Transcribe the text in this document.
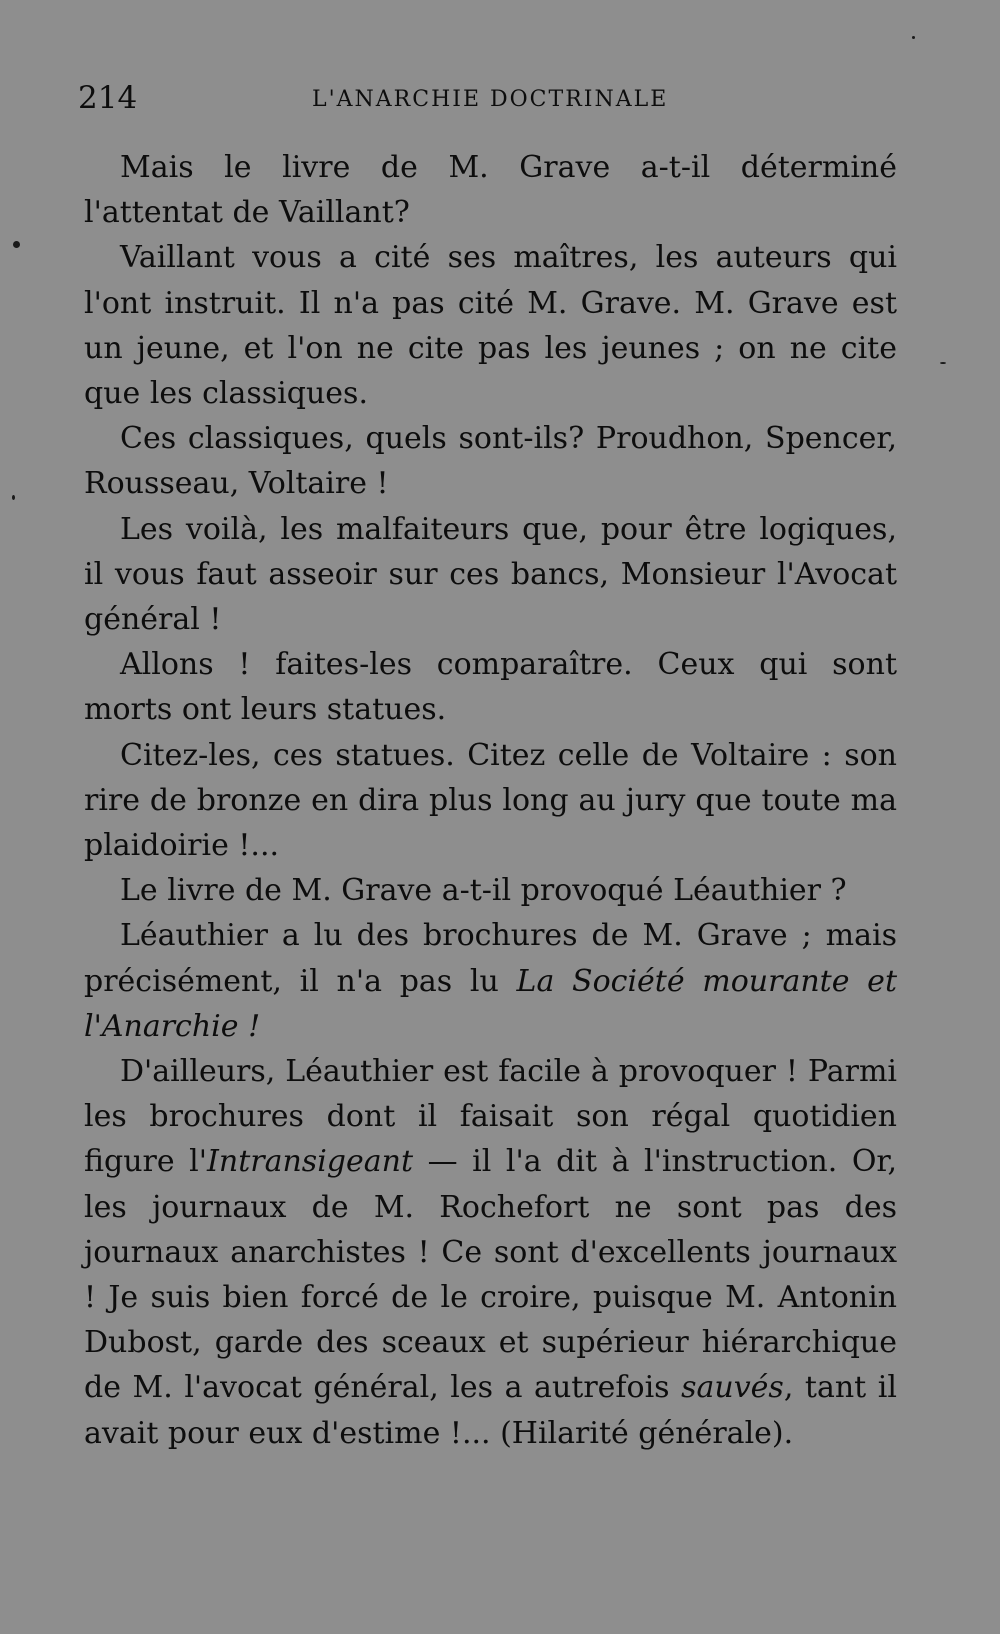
214	L'ANARCHIE DOCTRINALE

Mais le livre de M. Grave a-t-il déterminé l'attentat de Vaillant?

Vaillant vous a cité ses maîtres, les auteurs qui l'ont instruit. Il n'a pas cité M. Grave. M. Grave est un jeune, et l'on ne cite pas les jeunes ; on ne cite que les classiques.

Ces classiques, quels sont-ils? Proudhon, Spencer, Rousseau, Voltaire !

Les voilà, les malfaiteurs que, pour être logiques, il vous faut asseoir sur ces bancs, Monsieur l'Avocat général !

Allons ! faites-les comparaître. Ceux qui sont morts ont leurs statues.

Citez-les, ces statues. Citez celle de Voltaire : son rire de bronze en dira plus long au jury que toute ma plaidoirie !...

Le livre de M. Grave a-t-il provoqué Léauthier ?

Léauthier a lu des brochures de M. Grave ; mais précisément, il n'a pas lu La Société mourante et l'Anarchie !

D'ailleurs, Léauthier est facile à provoquer ! Parmi les brochures dont il faisait son régal quotidien figure l'Intransigeant — il l'a dit à l'instruction. Or, les journaux de M. Rochefort ne sont pas des journaux anarchistes ! Ce sont d'excellents journaux ! Je suis bien forcé de le croire, puisque M. Antonin Dubost, garde des sceaux et supérieur hiérarchique de M. l'avocat général, les a autrefois sauvés, tant il avait pour eux d'estime !... (Hilarité générale).
